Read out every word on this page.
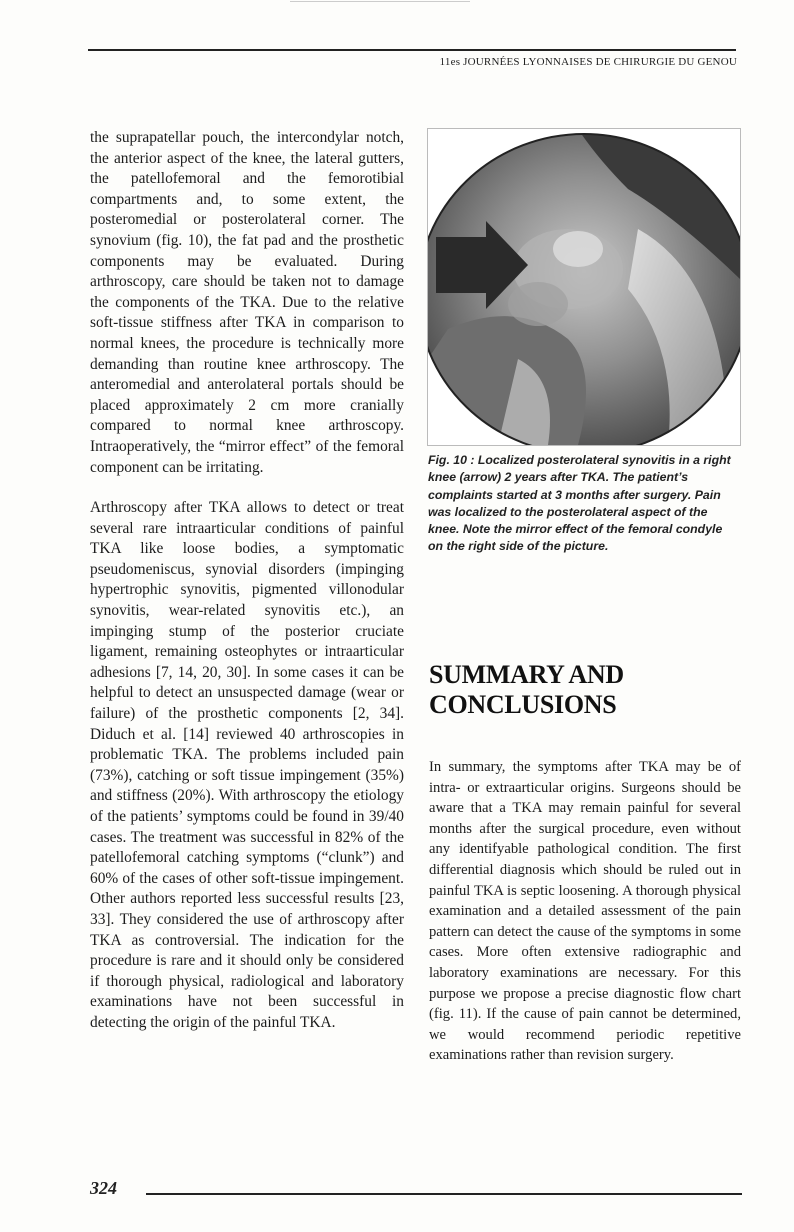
11es JOURNÉES LYONNAISES DE CHIRURGIE DU GENOU

the suprapatellar pouch, the intercondylar notch, the anterior aspect of the knee, the lateral gutters, the patellofemoral and the femorotibial compartments and, to some extent, the posteromedial or posterolateral corner. The synovium (fig. 10), the fat pad and the prosthetic components may be evaluated. During arthroscopy, care should be taken not to damage the components of the TKA. Due to the relative soft-tissue stiffness after TKA in comparison to normal knees, the procedure is technically more demanding than routine knee arthroscopy. The anteromedial and anterolateral portals should be placed approximately 2 cm more cranially compared to normal knee arthroscopy. Intraoperatively, the “mirror effect” of the femoral component can be irritating.

Arthroscopy after TKA allows to detect or treat several rare intraarticular conditions of painful TKA like loose bodies, a symptomatic pseudomeniscus, synovial disorders (impinging hypertrophic synovitis, pigmented villonodular synovitis, wear-related synovitis etc.), an impinging stump of the posterior cruciate ligament, remaining osteophytes or intraarticular adhesions [7, 14, 20, 30]. In some cases it can be helpful to detect an unsuspected damage (wear or failure) of the prosthetic components [2, 34]. Diduch et al. [14] reviewed 40 arthroscopies in problematic TKA. The problems included pain (73%), catching or soft tissue impingement (35%) and stiffness (20%). With arthroscopy the etiology of the patients’ symptoms could be found in 39/40 cases. The treatment was successful in 82% of the patellofemoral catching symptoms (“clunk”) and 60% of the cases of other soft-tissue impingement. Other authors reported less successful results [23, 33]. They considered the use of arthroscopy after TKA as controversial. The indication for the procedure is rare and it should only be considered if thorough physical, radiological and laboratory examinations have not been successful in detecting the origin of the painful TKA.

Fig. 10 : Localized posterolateral synovitis in a right knee (arrow) 2 years after TKA. The patient’s complaints started at 3 months after surgery. Pain was localized to the posterolateral aspect of the knee. Note the mirror effect of the femoral condyle on the right side of the picture.
SUMMARY AND CONCLUSIONS

In summary, the symptoms after TKA may be of intra- or extraarticular origins. Surgeons should be aware that a TKA may remain painful for several months after the surgical procedure, even without any identifyable pathological condition. The first differential diagnosis which should be ruled out in painful TKA is septic loosening. A thorough physical examination and a detailed assessment of the pain pattern can detect the cause of the symptoms in some cases. More often extensive radiographic and laboratory examinations are necessary. For this purpose we propose a precise diagnostic flow chart (fig. 11). If the cause of pain cannot be determined, we would recommend periodic repetitive examinations rather than revision surgery.

324
